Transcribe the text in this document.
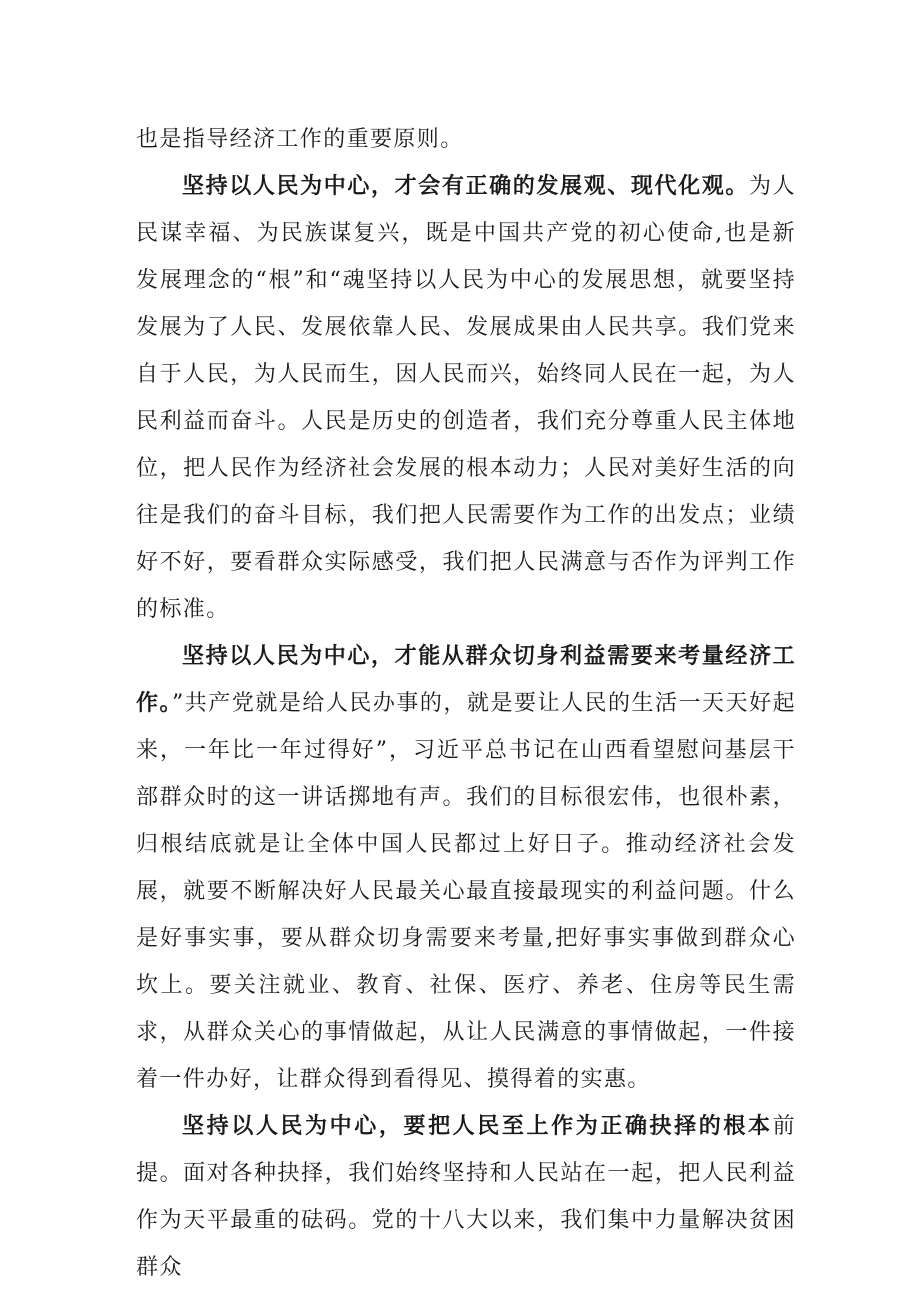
也是指导经济工作的重要原则。

坚持以人民为中心，才会有正确的发展观、现代化观。为人民谋幸福、为民族谋复兴，既是中国共产党的初心使命,也是新发展理念的“根”和“魂坚持以人民为中心的发展思想，就要坚持发展为了人民、发展依靠人民、发展成果由人民共享。我们党来自于人民，为人民而生，因人民而兴，始终同人民在一起，为人民利益而奋斗。人民是历史的创造者，我们充分尊重人民主体地位，把人民作为经济社会发展的根本动力；人民对美好生活的向往是我们的奋斗目标，我们把人民需要作为工作的出发点；业绩好不好，要看群众实际感受，我们把人民满意与否作为评判工作的标准。

坚持以人民为中心，才能从群众切身利益需要来考量经济工作。”共产党就是给人民办事的，就是要让人民的生活一天天好起来，一年比一年过得好”，习近平总书记在山西看望慰问基层干部群众时的这一讲话掷地有声。我们的目标很宏伟，也很朴素，归根结底就是让全体中国人民都过上好日子。推动经济社会发展，就要不断解决好人民最关心最直接最现实的利益问题。什么是好事实事，要从群众切身需要来考量,把好事实事做到群众心坎上。要关注就业、教育、社保、医疗、养老、住房等民生需求，从群众关心的事情做起，从让人民满意的事情做起，一件接着一件办好，让群众得到看得见、摸得着的实惠。

坚持以人民为中心，要把人民至上作为正确抉择的根本前提。面对各种抉择，我们始终坚持和人民站在一起，把人民利益作为天平最重的砝码。党的十八大以来，我们集中力量解决贫困群众
